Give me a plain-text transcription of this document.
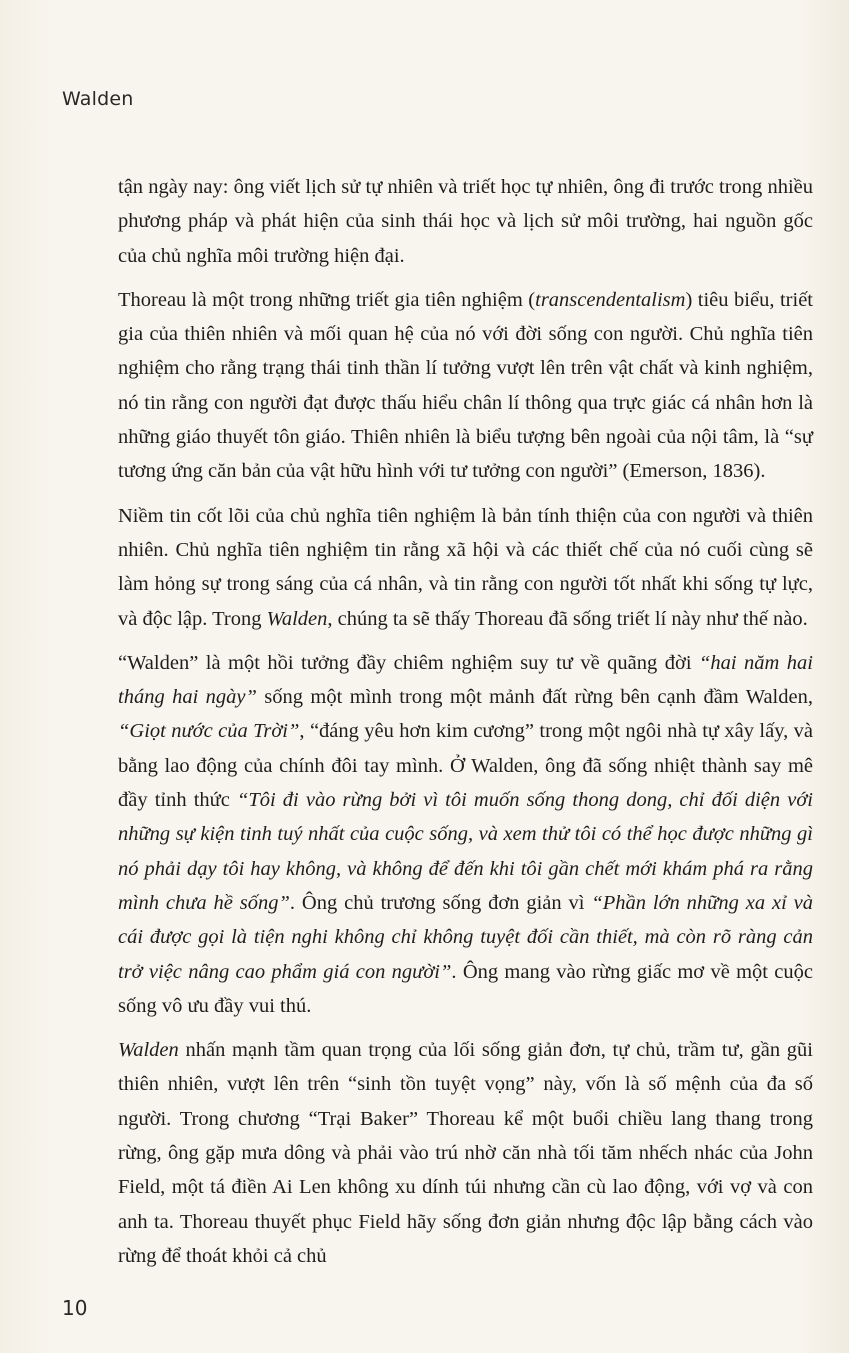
Walden

tận ngày nay: ông viết lịch sử tự nhiên và triết học tự nhiên, ông đi trước trong nhiều phương pháp và phát hiện của sinh thái học và lịch sử môi trường, hai nguồn gốc của chủ nghĩa môi trường hiện đại.

Thoreau là một trong những triết gia tiên nghiệm (transcendentalism) tiêu biểu, triết gia của thiên nhiên và mối quan hệ của nó với đời sống con người. Chủ nghĩa tiên nghiệm cho rằng trạng thái tinh thần lí tưởng vượt lên trên vật chất và kinh nghiệm, nó tin rằng con người đạt được thấu hiểu chân lí thông qua trực giác cá nhân hơn là những giáo thuyết tôn giáo. Thiên nhiên là biểu tượng bên ngoài của nội tâm, là “sự tương ứng căn bản của vật hữu hình với tư tưởng con người” (Emerson, 1836).

Niềm tin cốt lõi của chủ nghĩa tiên nghiệm là bản tính thiện của con người và thiên nhiên. Chủ nghĩa tiên nghiệm tin rằng xã hội và các thiết chế của nó cuối cùng sẽ làm hỏng sự trong sáng của cá nhân, và tin rằng con người tốt nhất khi sống tự lực, và độc lập. Trong Walden, chúng ta sẽ thấy Thoreau đã sống triết lí này như thế nào.

“Walden” là một hồi tưởng đầy chiêm nghiệm suy tư về quãng đời “hai năm hai tháng hai ngày” sống một mình trong một mảnh đất rừng bên cạnh đầm Walden, “Giọt nước của Trời”, “đáng yêu hơn kim cương” trong một ngôi nhà tự xây lấy, và bằng lao động của chính đôi tay mình. Ở Walden, ông đã sống nhiệt thành say mê đầy tỉnh thức “Tôi đi vào rừng bởi vì tôi muốn sống thong dong, chỉ đối diện với những sự kiện tinh tuý nhất của cuộc sống, và xem thử tôi có thể học được những gì nó phải dạy tôi hay không, và không để đến khi tôi gần chết mới khám phá ra rằng mình chưa hề sống”. Ông chủ trương sống đơn giản vì “Phần lớn những xa xỉ và cái được gọi là tiện nghi không chỉ không tuyệt đối cần thiết, mà còn rõ ràng cản trở việc nâng cao phẩm giá con người”. Ông mang vào rừng giấc mơ về một cuộc sống vô ưu đầy vui thú.

Walden nhấn mạnh tầm quan trọng của lối sống giản đơn, tự chủ, trầm tư, gần gũi thiên nhiên, vượt lên trên “sinh tồn tuyệt vọng” này, vốn là số mệnh của đa số người. Trong chương “Trại Baker” Thoreau kể một buổi chiều lang thang trong rừng, ông gặp mưa dông và phải vào trú nhờ căn nhà tối tăm nhếch nhác của John Field, một tá điền Ai Len không xu dính túi nhưng cần cù lao động, với vợ và con anh ta. Thoreau thuyết phục Field hãy sống đơn giản nhưng độc lập bằng cách vào rừng để thoát khỏi cả chủ

10
